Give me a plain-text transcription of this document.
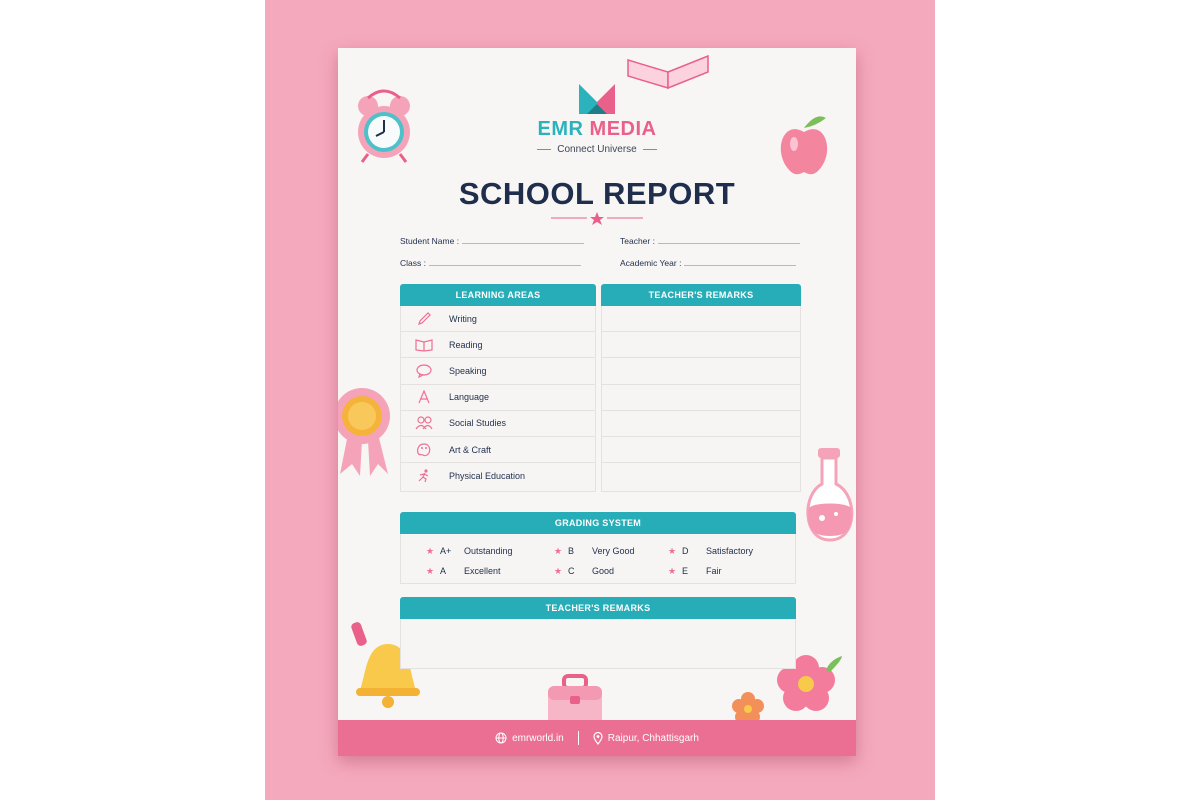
EMR MEDIA
Connect Universe
SCHOOL REPORT
Student Name :
Class :
Teacher :
Academic Year :
LEARNING AREAS	TEACHER'S REMARKS
Writing
Reading
Speaking
Language
Social Studies
Art & Craft
Physical Education
GRADING SYSTEM
★ A+ Outstanding
★ A Excellent
★ B Very Good
★ C Good
★ D Satisfactory
★ E Fair
TEACHER'S REMARKS
emrworld.in	Raipur, Chhattisgarh
